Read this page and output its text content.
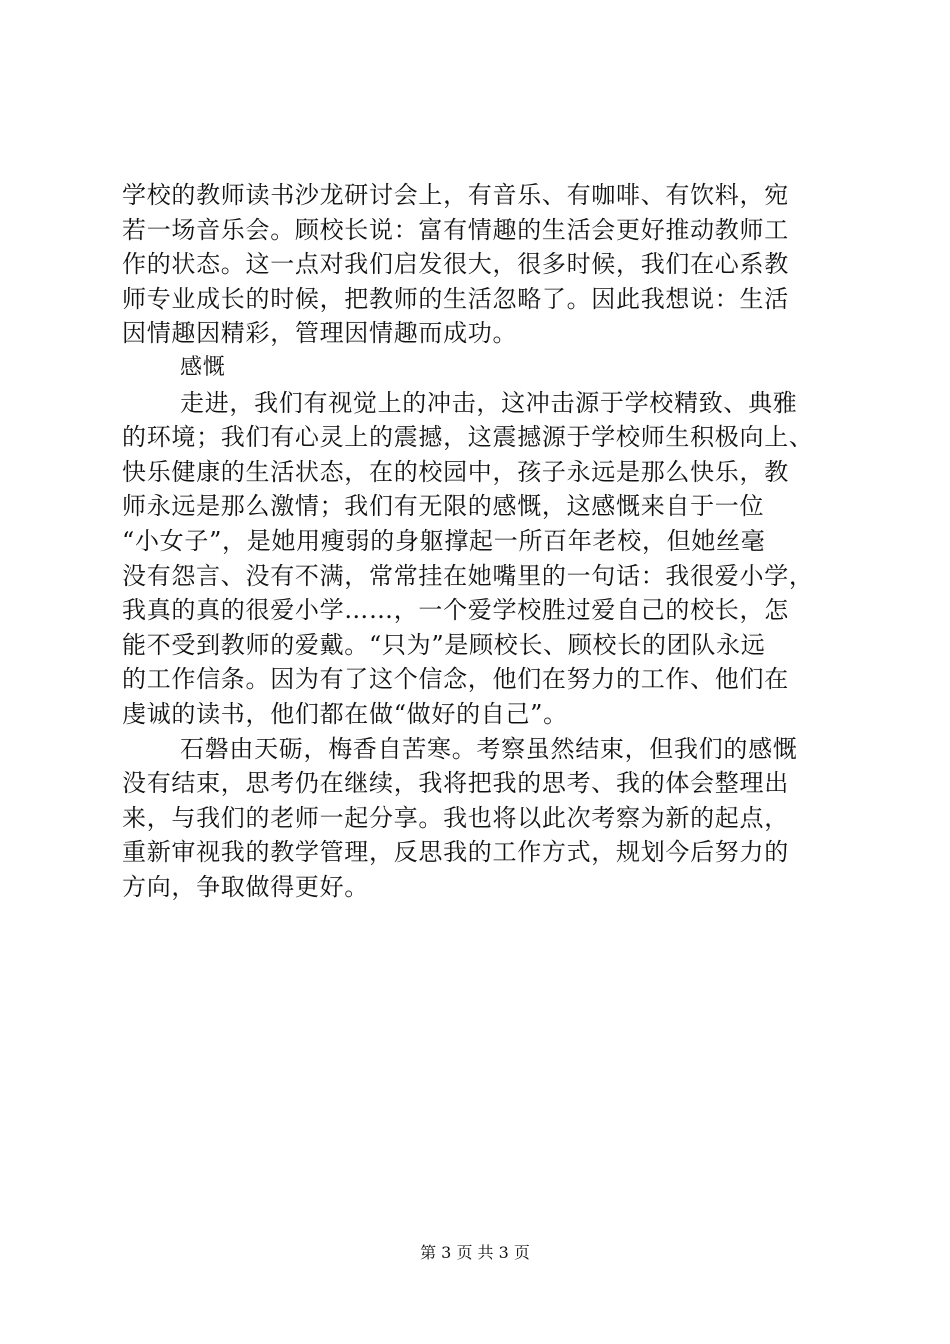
学校的教师读书沙龙研讨会上，有音乐、有咖啡、有饮料，宛
若一场音乐会。顾校长说：富有情趣的生活会更好推动教师工
作的状态。这一点对我们启发很大，很多时候，我们在心系教
师专业成长的时候，把教师的生活忽略了。因此我想说：生活
因情趣因精彩，管理因情趣而成功。
感慨
走进，我们有视觉上的冲击，这冲击源于学校精致、典雅
的环境；我们有心灵上的震撼，这震撼源于学校师生积极向上、
快乐健康的生活状态，在的校园中，孩子永远是那么快乐，教
师永远是那么激情；我们有无限的感慨，这感慨来自于一位
“小女子”，是她用瘦弱的身躯撑起一所百年老校，但她丝毫
没有怨言、没有不满，常常挂在她嘴里的一句话：我很爱小学，
我真的真的很爱小学……，一个爱学校胜过爱自己的校长，怎
能不受到教师的爱戴。“只为”是顾校长、顾校长的团队永远
的工作信条。因为有了这个信念，他们在努力的工作、他们在
虔诚的读书，他们都在做“做好的自己”。
石磐由天砺，梅香自苦寒。考察虽然结束，但我们的感慨
没有结束，思考仍在继续，我将把我的思考、我的体会整理出
来，与我们的老师一起分享。我也将以此次考察为新的起点，
重新审视我的教学管理，反思我的工作方式，规划今后努力的
方向，争取做得更好。
第 3 页 共 3 页
